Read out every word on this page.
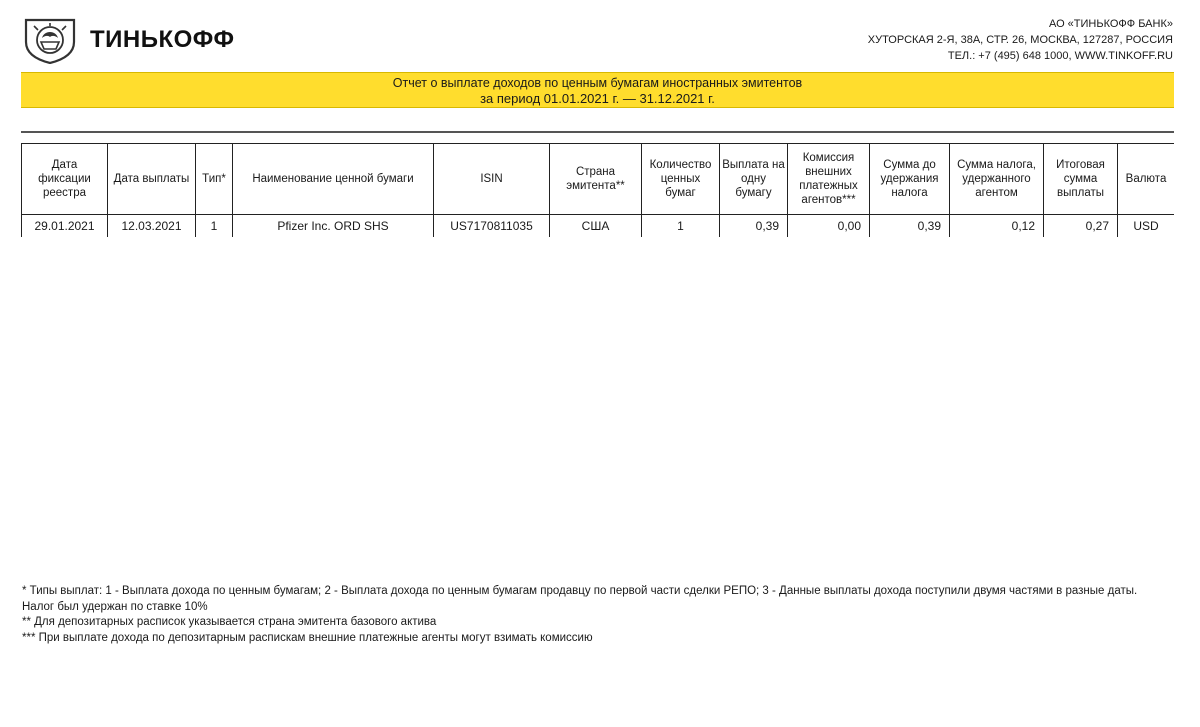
ТИНЬКОФФ
АО «ТИНЬКОФФ БАНК»
ХУТОРСКАЯ 2-Я, 38А, СТР. 26, МОСКВА, 127287, РОССИЯ
ТЕЛ.: +7 (495) 648 1000, WWW.TINKOFF.RU
Отчет о выплате доходов по ценным бумагам иностранных эмитентов
за период 01.01.2021 г. — 31.12.2021 г.
Дата фиксации реестра	Дата выплаты	Тип*	Наименование ценной бумаги	ISIN	Страна эмитента**	Количество ценных бумаг	Выплата на одну бумагу	Комиссия внешних платежных агентов***	Сумма до удержания налога	Сумма налога, удержанного агентом	Итоговая сумма выплаты	Валюта
29.01.2021	12.03.2021	1	Pfizer Inc. ORD SHS	US7170811035	США	1	0,39	0,00	0,39	0,12	0,27	USD
* Типы выплат: 1 - Выплата дохода по ценным бумагам; 2 - Выплата дохода по ценным бумагам продавцу по первой части сделки РЕПО; 3 - Данные выплаты дохода поступили двумя частями в разные даты.
Налог был удержан по ставке 10%
** Для депозитарных расписок указывается страна эмитента базового актива
*** При выплате дохода по депозитарным распискам внешние платежные агенты могут взимать комиссию
